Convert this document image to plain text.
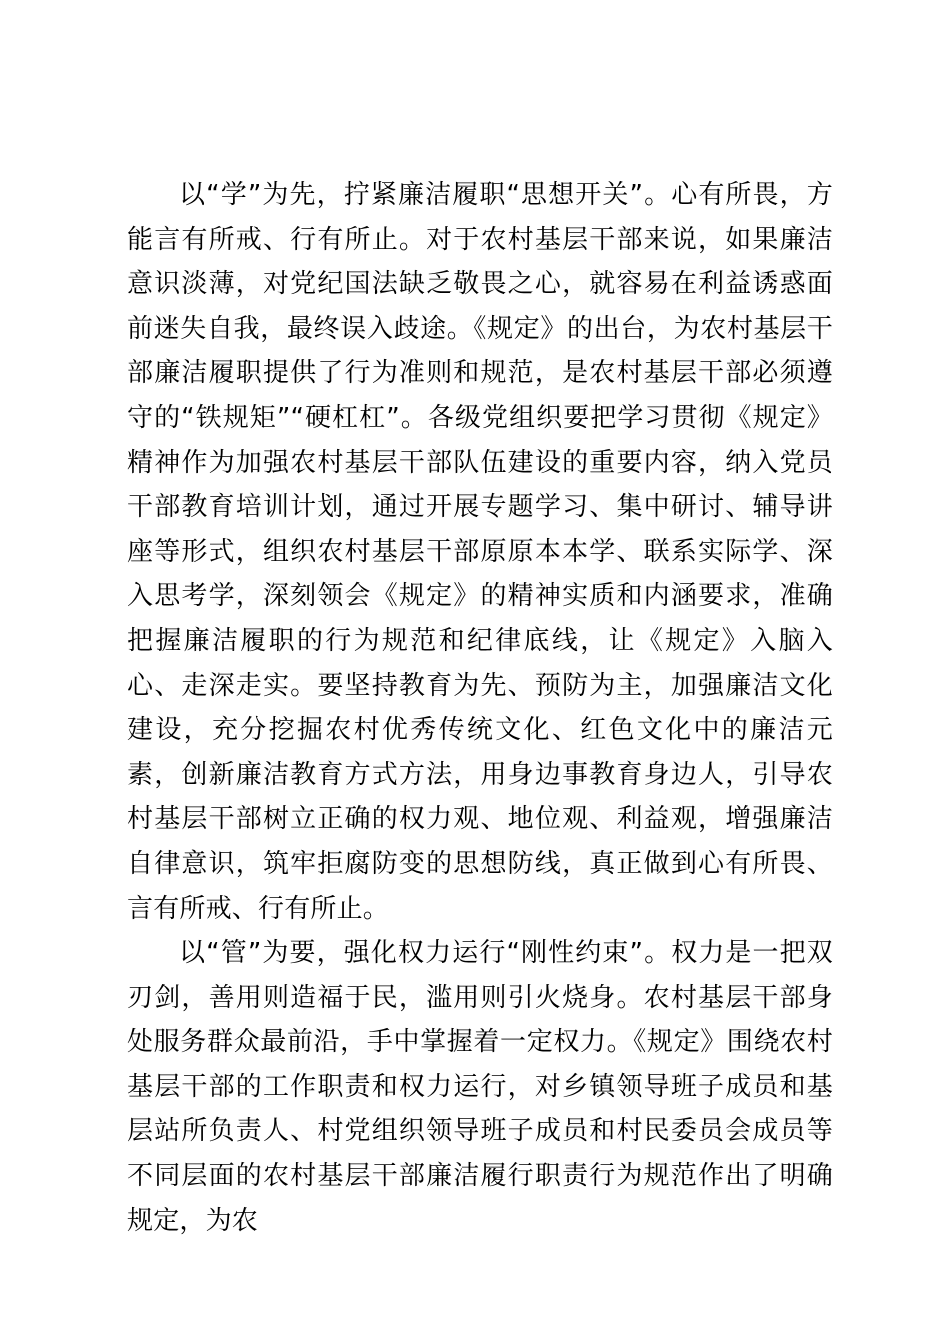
以“学”为先，拧紧廉洁履职“思想开关”。心有所畏，方能言有所戒、行有所止。对于农村基层干部来说，如果廉洁意识淡薄，对党纪国法缺乏敬畏之心，就容易在利益诱惑面前迷失自我，最终误入歧途。《规定》的出台，为农村基层干部廉洁履职提供了行为准则和规范，是农村基层干部必须遵守的“铁规矩”“硬杠杠”。各级党组织要把学习贯彻《规定》精神作为加强农村基层干部队伍建设的重要内容，纳入党员干部教育培训计划，通过开展专题学习、集中研讨、辅导讲座等形式，组织农村基层干部原原本本学、联系实际学、深入思考学，深刻领会《规定》的精神实质和内涵要求，准确把握廉洁履职的行为规范和纪律底线，让《规定》入脑入心、走深走实。要坚持教育为先、预防为主，加强廉洁文化建设，充分挖掘农村优秀传统文化、红色文化中的廉洁元素，创新廉洁教育方式方法，用身边事教育身边人，引导农村基层干部树立正确的权力观、地位观、利益观，增强廉洁自律意识，筑牢拒腐防变的思想防线，真正做到心有所畏、言有所戒、行有所止。

以“管”为要，强化权力运行“刚性约束”。权力是一把双刃剑，善用则造福于民，滥用则引火烧身。农村基层干部身处服务群众最前沿，手中掌握着一定权力。《规定》围绕农村基层干部的工作职责和权力运行，对乡镇领导班子成员和基层站所负责人、村党组织领导班子成员和村民委员会成员等不同层面的农村基层干部廉洁履行职责行为规范作出了明确规定，为农
